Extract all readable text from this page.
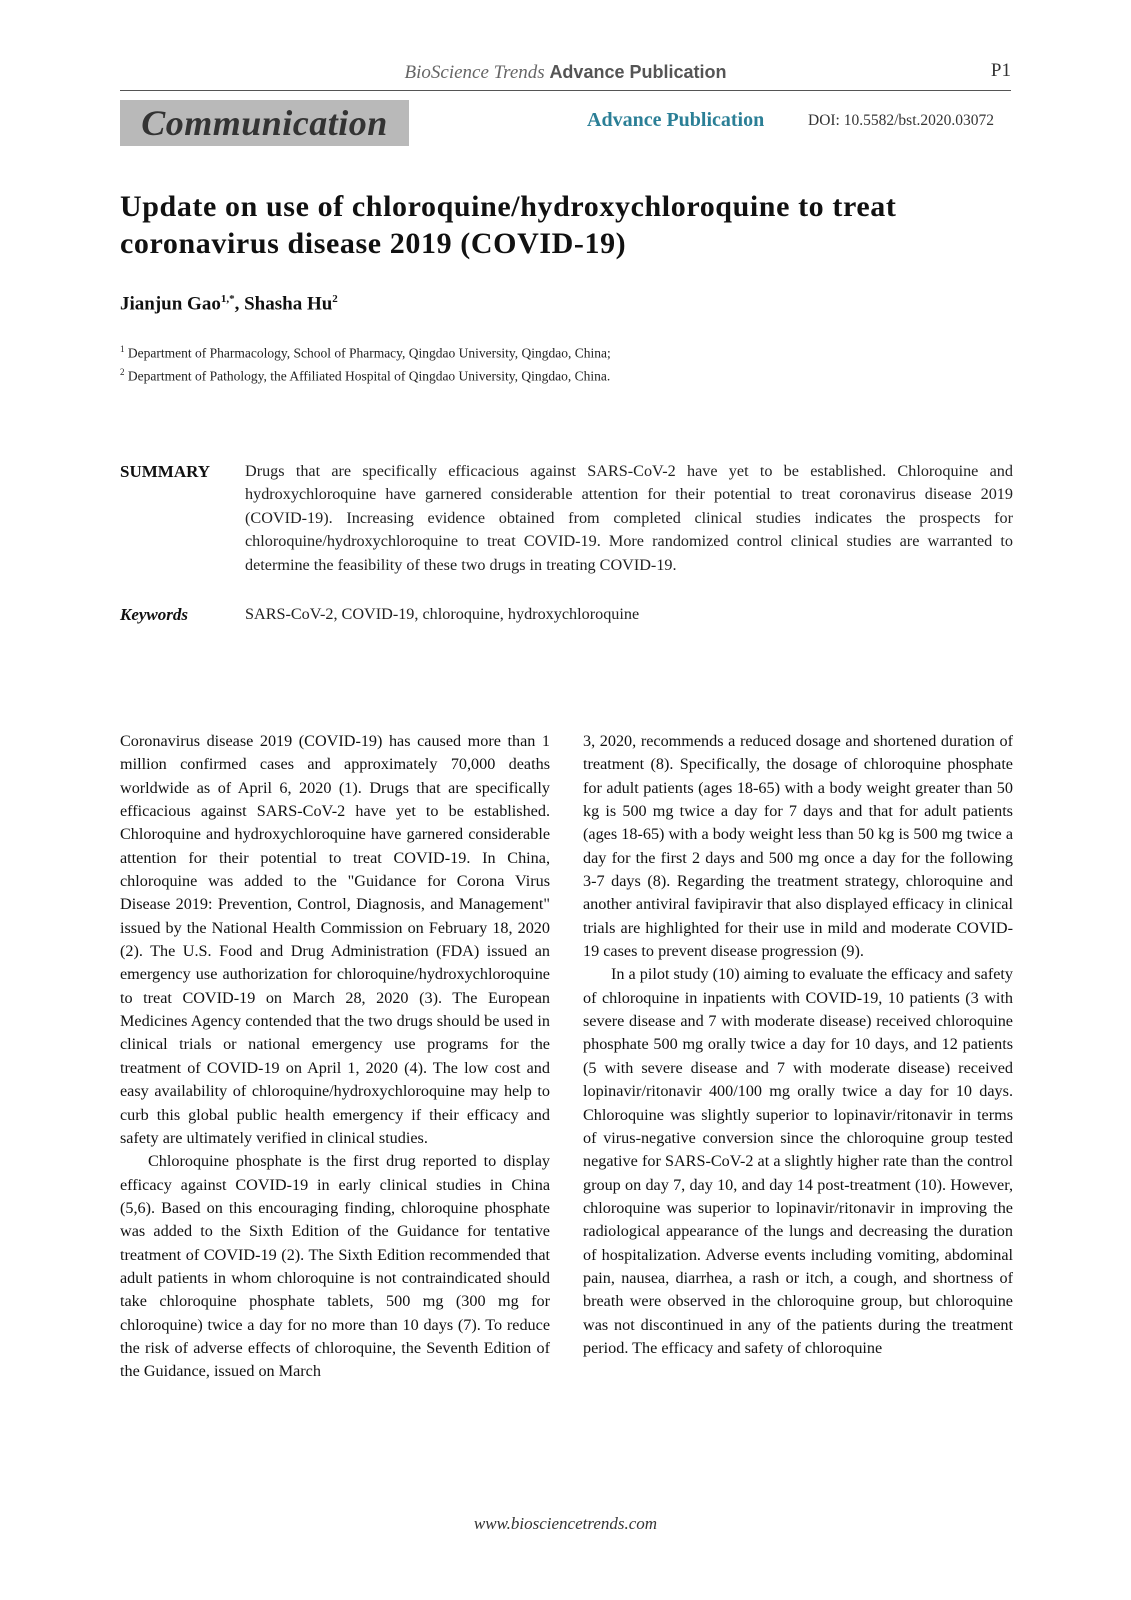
BioScience Trends Advance Publication	P1
Communication	Advance Publication	DOI: 10.5582/bst.2020.03072
Update on use of chloroquine/hydroxychloroquine to treat coronavirus disease 2019 (COVID-19)
Jianjun Gao$^{1,*}$, Shasha Hu$^2$
$^1$ Department of Pharmacology, School of Pharmacy, Qingdao University, Qingdao, China;
$^2$ Department of Pathology, the Affiliated Hospital of Qingdao University, Qingdao, China.
SUMMARY Drugs that are specifically efficacious against SARS-CoV-2 have yet to be established. Chloroquine and hydroxychloroquine have garnered considerable attention for their potential to treat coronavirus disease 2019 (COVID-19). Increasing evidence obtained from completed clinical studies indicates the prospects for chloroquine/hydroxychloroquine to treat COVID-19. More randomized control clinical studies are warranted to determine the feasibility of these two drugs in treating COVID-19.

Keywords	SARS-CoV-2, COVID-19, chloroquine, hydroxychloroquine

Coronavirus disease 2019 (COVID-19) has caused more than 1 million confirmed cases and approximately 70,000 deaths worldwide as of April 6, 2020 (1). Drugs that are specifically efficacious against SARS-CoV-2 have yet to be established. Chloroquine and hydroxychloroquine have garnered considerable attention for their potential to treat COVID-19. In China, chloroquine was added to the "Guidance for Corona Virus Disease 2019: Prevention, Control, Diagnosis, and Management" issued by the National Health Commission on February 18, 2020 (2). The U.S. Food and Drug Administration (FDA) issued an emergency use authorization for chloroquine/hydroxychloroquine to treat COVID-19 on March 28, 2020 (3). The European Medicines Agency contended that the two drugs should be used in clinical trials or national emergency use programs for the treatment of COVID-19 on April 1, 2020 (4). The low cost and easy availability of chloroquine/hydroxychloroquine may help to curb this global public health emergency if their efficacy and safety are ultimately verified in clinical studies.

Chloroquine phosphate is the first drug reported to display efficacy against COVID-19 in early clinical studies in China (5,6). Based on this encouraging finding, chloroquine phosphate was added to the Sixth Edition of the Guidance for tentative treatment of COVID-19 (2). The Sixth Edition recommended that adult patients in whom chloroquine is not contraindicated should take chloroquine phosphate tablets, 500 mg (300 mg for chloroquine) twice a day for no more than 10 days (7). To reduce the risk of adverse effects of chloroquine, the Seventh Edition of the Guidance, issued on March

3, 2020, recommends a reduced dosage and shortened duration of treatment (8). Specifically, the dosage of chloroquine phosphate for adult patients (ages 18-65) with a body weight greater than 50 kg is 500 mg twice a day for 7 days and that for adult patients (ages 18-65) with a body weight less than 50 kg is 500 mg twice a day for the first 2 days and 500 mg once a day for the following 3-7 days (8). Regarding the treatment strategy, chloroquine and another antiviral favipiravir that also displayed efficacy in clinical trials are highlighted for their use in mild and moderate COVID-19 cases to prevent disease progression (9).

In a pilot study (10) aiming to evaluate the efficacy and safety of chloroquine in inpatients with COVID-19, 10 patients (3 with severe disease and 7 with moderate disease) received chloroquine phosphate 500 mg orally twice a day for 10 days, and 12 patients (5 with severe disease and 7 with moderate disease) received lopinavir/ritonavir 400/100 mg orally twice a day for 10 days. Chloroquine was slightly superior to lopinavir/ritonavir in terms of virus-negative conversion since the chloroquine group tested negative for SARS-CoV-2 at a slightly higher rate than the control group on day 7, day 10, and day 14 post-treatment (10). However, chloroquine was superior to lopinavir/ritonavir in improving the radiological appearance of the lungs and decreasing the duration of hospitalization. Adverse events including vomiting, abdominal pain, nausea, diarrhea, a rash or itch, a cough, and shortness of breath were observed in the chloroquine group, but chloroquine was not discontinued in any of the patients during the treatment period. The efficacy and safety of chloroquine

www.biosciencetrends.com
